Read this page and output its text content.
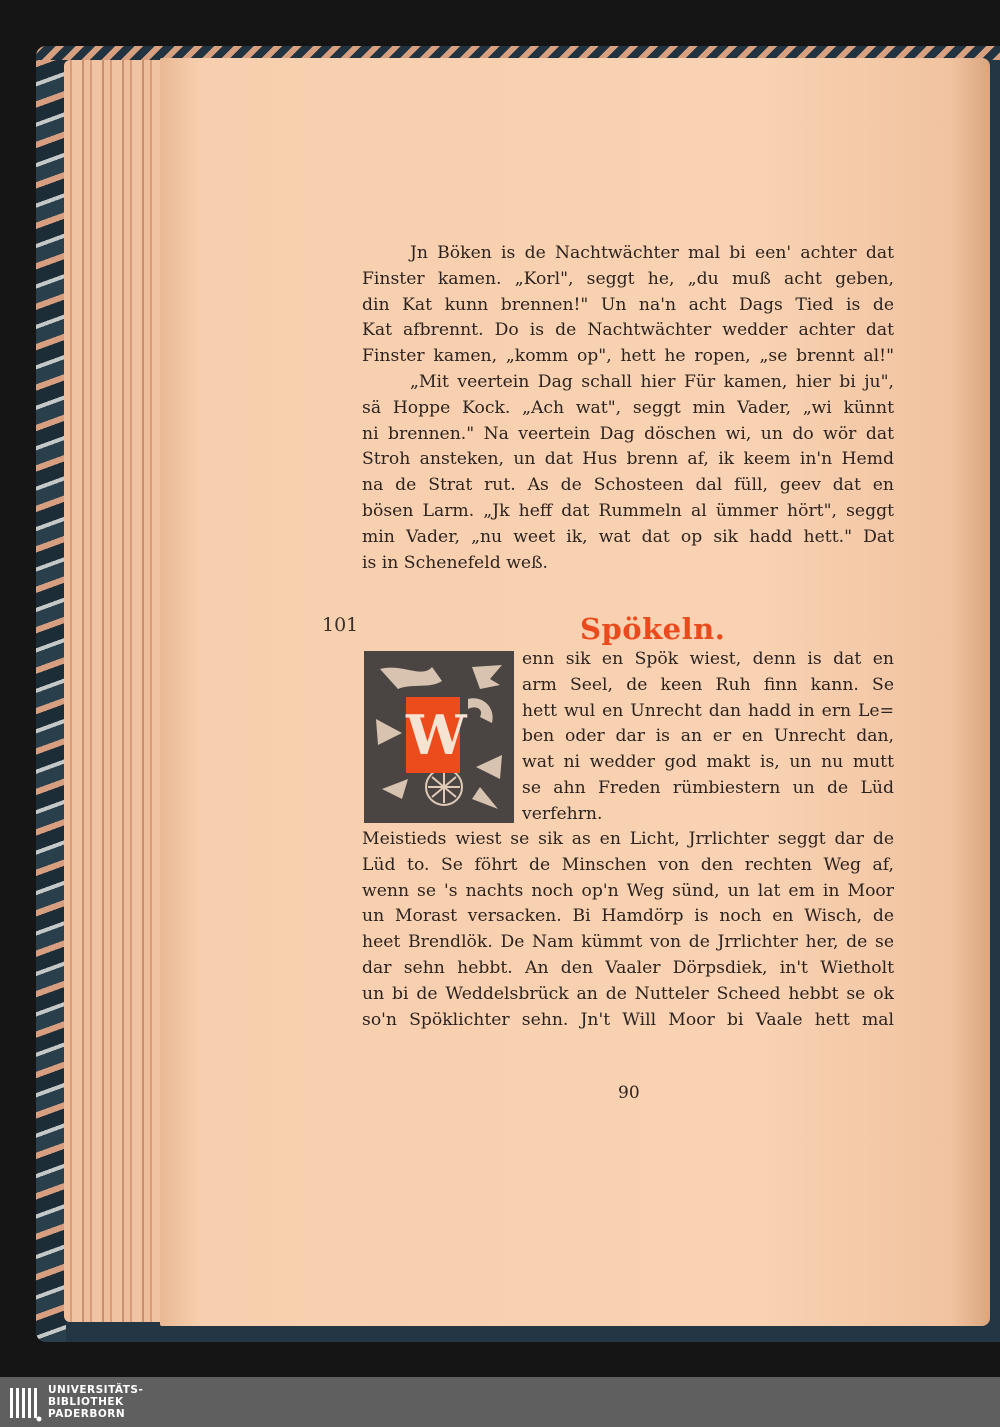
Jn Böken is de Nachtwächter mal bi een' achter dat
Finster kamen. „Korl", seggt he, „du muß acht geben,
din Kat kunn brennen!" Un na'n acht Dags Tied is de
Kat afbrennt. Do is de Nachtwächter wedder achter dat
Finster kamen, „komm op", hett he ropen, „se brennt al!"
„Mit veertein Dag schall hier Für kamen, hier bi ju",
sä Hoppe Kock. „Ach wat", seggt min Vader, „wi künnt
ni brennen." Na veertein Dag döschen wi, un do wör dat
Stroh ansteken, un dat Hus brenn af, ik keem in'n Hemd
na de Strat rut. As de Schosteen dal füll, geev dat en
bösen Larm. „Jk heff dat Rummeln al ümmer hört", seggt
min Vader, „nu weet ik, wat dat op sik hadd hett." Dat
is in Schenefeld weß.
101	Spökeln.
W
enn sik en Spök wiest, denn is dat en
arm Seel, de keen Ruh finn kann. Se
hett wul en Unrecht dan hadd in ern Le=
ben oder dar is an er en Unrecht dan,
wat ni wedder god makt is, un nu mutt
se ahn Freden rümbiestern un de Lüd
verfehrn.
Meistieds wiest se sik as en Licht, Jrrlichter seggt dar de
Lüd to. Se föhrt de Minschen von den rechten Weg af,
wenn se 's nachts noch op'n Weg sünd, un lat em in Moor
un Morast versacken. Bi Hamdörp is noch en Wisch, de
heet Brendlök. De Nam kümmt von de Jrrlichter her, de se
dar sehn hebbt. An den Vaaler Dörpsdiek, in't Wietholt
un bi de Weddelsbrück an de Nutteler Scheed hebbt se ok
so'n Spöklichter sehn. Jn't Will Moor bi Vaale hett mal
90
UNIVERSITÄTS-
BIBLIOTHEK
PADERBORN
